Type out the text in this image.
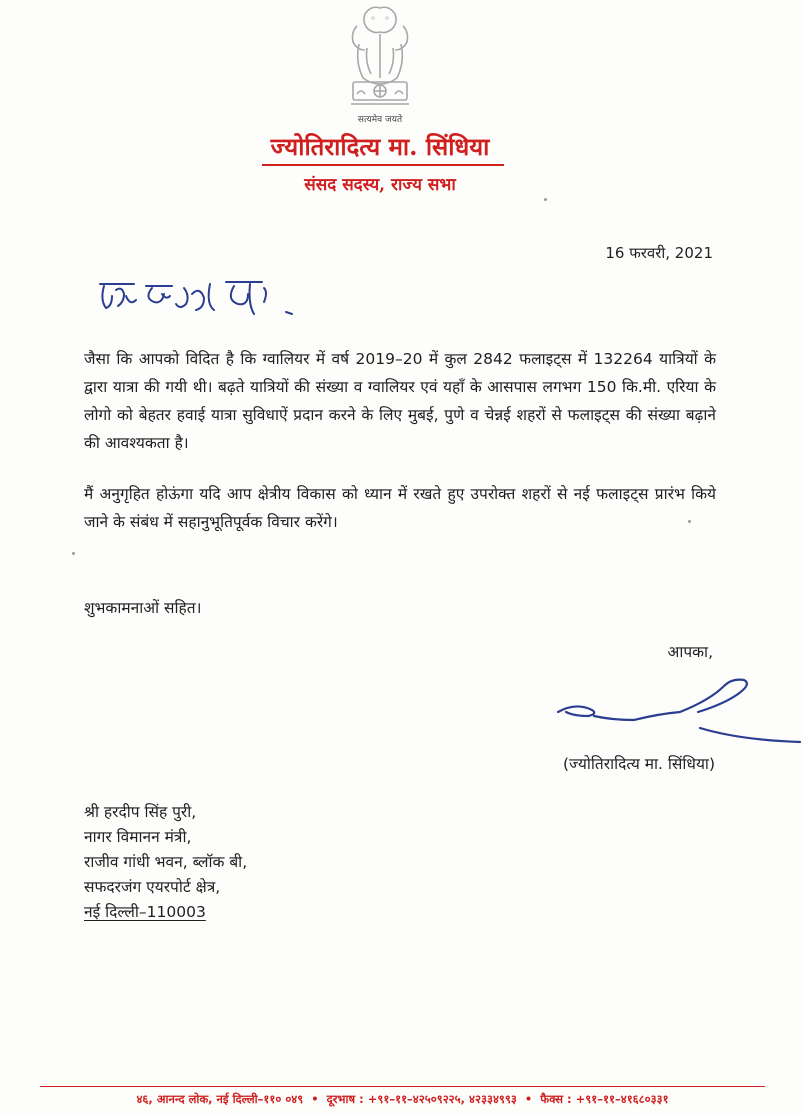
सत्यमेव जयते
ज्योतिरादित्य मा. सिंधिया
संसद सदस्य, राज्य सभा
16 फरवरी, 2021
प्रिय श्री पुरी जी,

जैसा कि आपको विदित है कि ग्वालियर में वर्ष 2019–20 में कुल 2842 फलाइट्स में 132264 यात्रियों के द्वारा यात्रा की गयी थी। बढ़ते यात्रियों की संख्या व ग्वालियर एवं यहाँ के आसपास लगभग 150 कि.मी. एरिया के लोगो को बेहतर हवाई यात्रा सुविधाऐं प्रदान करने के लिए मुबई, पुणे व चेन्नई शहरों से फलाइट्स की संख्या बढ़ाने की आवश्यकता है।

मैं अनुगृहित होऊंगा यदि आप क्षेत्रीय विकास को ध्यान में रखते हुए उपरोक्त शहरों से नई फलाइट्स प्रारंभ किये जाने के संबंध में सहानुभूतिपूर्वक विचार करेंगे।

शुभकामनाओं सहित।
आपका,
(ज्योतिरादित्य मा. सिंधिया)
श्री हरदीप सिंह पुरी,
नागर विमानन मंत्री,
राजीव गांधी भवन, ब्लॉक बी,
सफदरजंग एयरपोर्ट क्षेत्र,
नई दिल्ली–110003
४६, आनन्द लोक, नई दिल्ली–११० ०४९ • दूरभाष : +९१–११–४२५०९२२५, ४२३३४९९३ • फैक्स : +९१–११–४१६८०३३१
